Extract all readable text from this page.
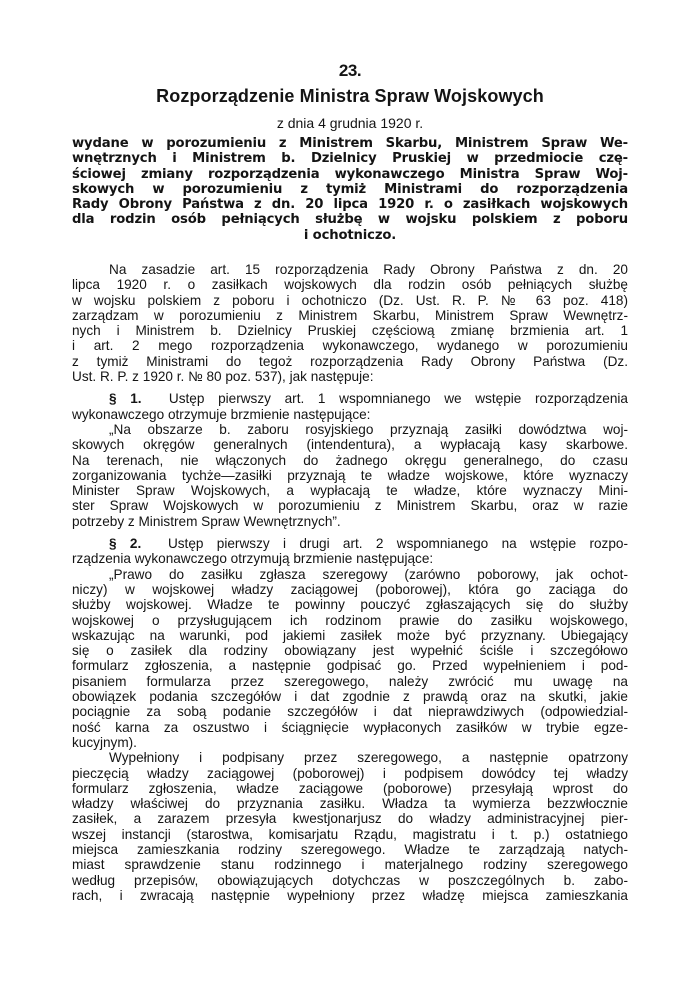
23.
Rozporządzenie Ministra Spraw Wojskowych
z dnia 4 grudnia 1920 r.
wydane w porozumieniu z Ministrem Skarbu, Ministrem Spraw We-
wnętrznych i Ministrem b. Dzielnicy Pruskiej w przedmiocie czę-
ściowej zmiany rozporządzenia wykonawczego Ministra Spraw Woj-
skowych w porozumieniu z tymiż Ministrami do rozporządzenia
Rady Obrony Państwa z dn. 20 lipca 1920 r. o zasiłkach wojskowych
dla rodzin osób pełniących służbę w wojsku polskiem z poboru
i ochotniczo.
Na zasadzie art. 15 rozporządzenia Rady Obrony Państwa z dn. 20
lipca 1920 r. o zasiłkach wojskowych dla rodzin osób pełniących służbę
w wojsku polskiem z poboru i ochotniczo (Dz. Ust. R. P. № 63 poz. 418)
zarządzam w porozumieniu z Ministrem Skarbu, Ministrem Spraw Wewnętrz-
nych i Ministrem b. Dzielnicy Pruskiej częściową zmianę brzmienia art. 1
i art. 2 mego rozporządzenia wykonawczego, wydanego w porozumieniu
z tymiż Ministrami do tegoż rozporządzenia Rady Obrony Państwa (Dz.
Ust. R. P. z 1920 r. № 80 poz. 537), jak następuje:
§ 1. Ustęp pierwszy art. 1 wspomnianego we wstępie rozporządzenia
wykonawczego otrzymuje brzmienie następujące:
„Na obszarze b. zaboru rosyjskiego przyznają zasiłki dowództwa woj-
skowych okręgów generalnych (intendentura), a wypłacają kasy skarbowe.
Na terenach, nie włączonych do żadnego okręgu generalnego, do czasu
zorganizowania tychże—zasiłki przyznają te władze wojskowe, które wyznaczy
Minister Spraw Wojskowych, a wypłacają te władze, które wyznaczy Mini-
ster Spraw Wojskowych w porozumieniu z Ministrem Skarbu, oraz w razie
potrzeby z Ministrem Spraw Wewnętrznych”.
§ 2. Ustęp pierwszy i drugi art. 2 wspomnianego na wstępie rozpo-
rządzenia wykonawczego otrzymują brzmienie następujące:
„Prawo do zasiłku zgłasza szeregowy (zarówno poborowy, jak ochot-
niczy) w wojskowej władzy zaciągowej (poborowej), która go zaciąga do
służby wojskowej. Władze te powinny pouczyć zgłaszających się do służby
wojskowej o przysługującem ich rodzinom prawie do zasiłku wojskowego,
wskazując na warunki, pod jakiemi zasiłek może być przyznany. Ubiegający
się o zasiłek dla rodziny obowiązany jest wypełnić ściśle i szczegółowo
formularz zgłoszenia, a następnie godpisać go. Przed wypełnieniem i pod-
pisaniem formularza przez szeregowego, należy zwrócić mu uwagę na
obowiązek podania szczegółów i dat zgodnie z prawdą oraz na skutki, jakie
pociągnie za sobą podanie szczegółów i dat nieprawdziwych (odpowiedzial-
ność karna za oszustwo i ściągnięcie wypłaconych zasiłków w trybie egze-
kucyjnym).
Wypełniony i podpisany przez szeregowego, a następnie opatrzony
pieczęcią władzy zaciągowej (poborowej) i podpisem dowódcy tej władzy
formularz zgłoszenia, władze zaciągowe (poborowe) przesyłają wprost do
władzy właściwej do przyznania zasiłku. Władza ta wymierza bezzwłocznie
zasiłek, a zarazem przesyła kwestjonarjusz do władzy administracyjnej pier-
wszej instancji (starostwa, komisarjatu Rządu, magistratu i t. p.) ostatniego
miejsca zamieszkania rodziny szeregowego. Władze te zarządzają natych-
miast sprawdzenie stanu rodzinnego i materjalnego rodziny szeregowego
według przepisów, obowiązujących dotychczas w poszczególnych b. zabo-
rach, i zwracają następnie wypełniony przez władzę miejsca zamieszkania
